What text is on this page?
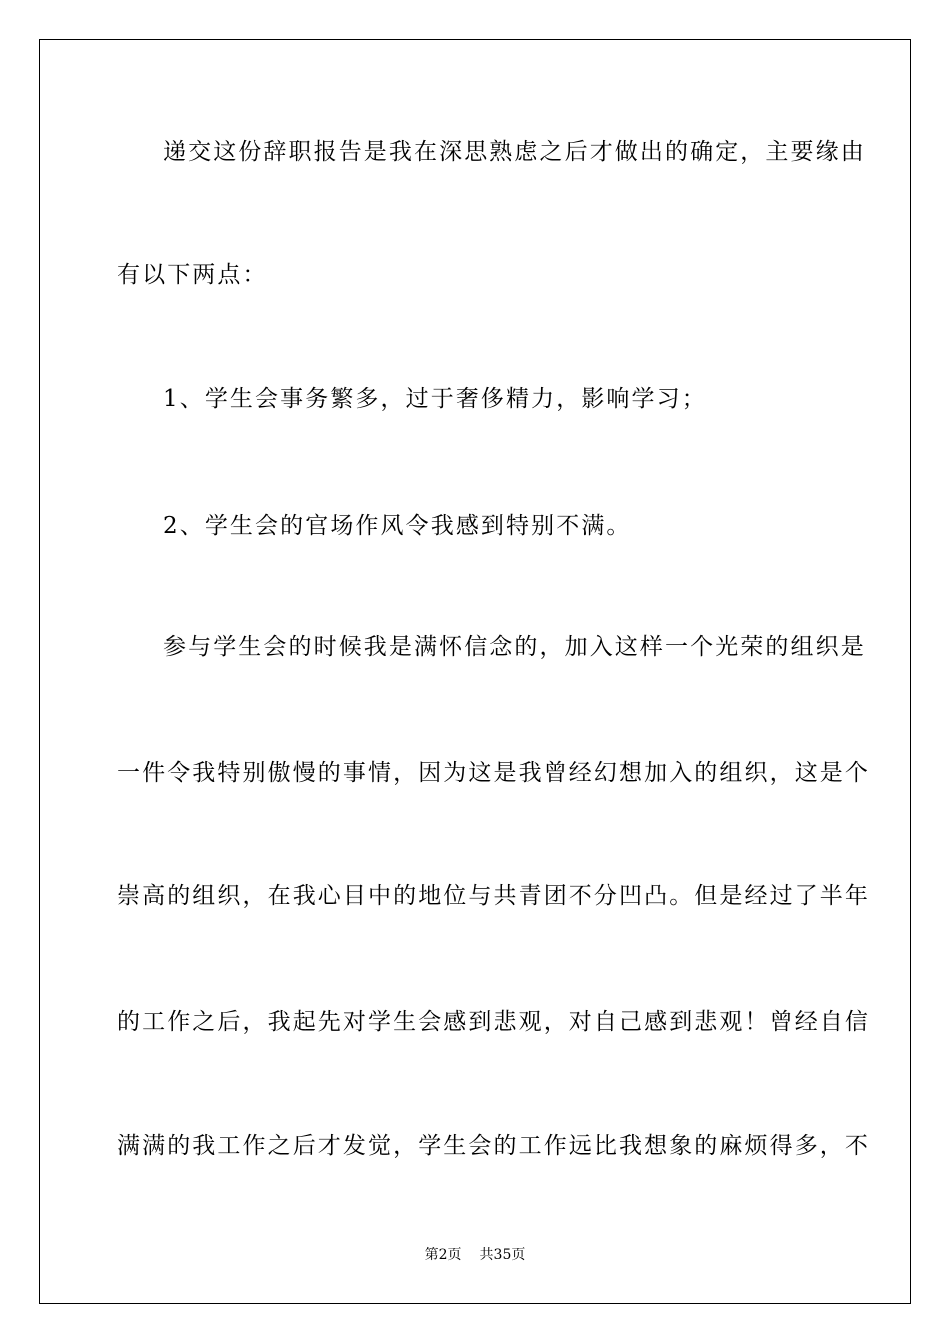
递交这份辞职报告是我在深思熟虑之后才做出的确定，主要缘由
有以下两点：
1、学生会事务繁多，过于奢侈精力，影响学习；
2、学生会的官场作风令我感到特别不满。
参与学生会的时候我是满怀信念的，加入这样一个光荣的组织是
一件令我特别傲慢的事情，因为这是我曾经幻想加入的组织，这是个
崇高的组织，在我心目中的地位与共青团不分凹凸。但是经过了半年
的工作之后，我起先对学生会感到悲观，对自己感到悲观！曾经自信
满满的我工作之后才发觉，学生会的工作远比我想象的麻烦得多，不
第2页 共35页
